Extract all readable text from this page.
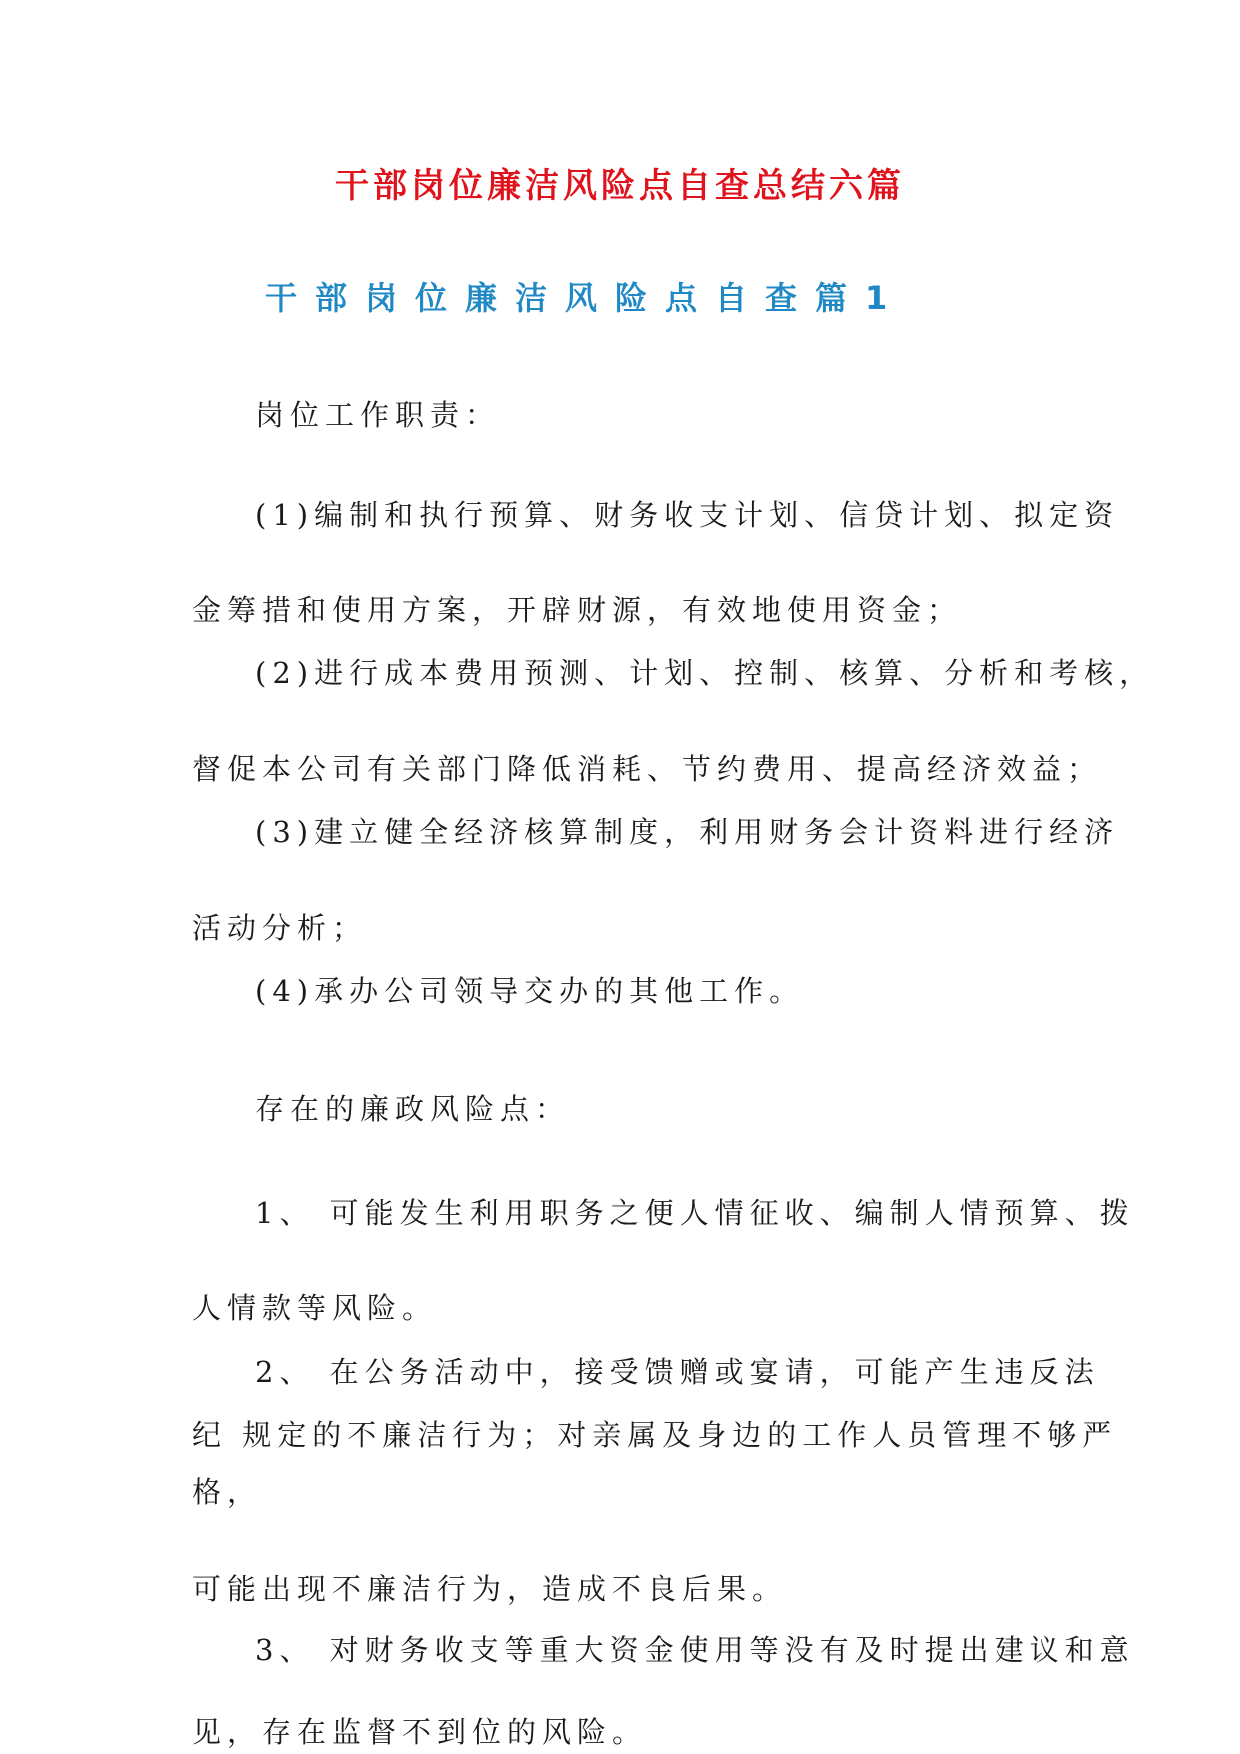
干部岗位廉洁风险点自查总结六篇
干部岗位廉洁风险点自查篇1

岗位工作职责：

(1)编制和执行预算、财务收支计划、信贷计划、拟定资

金筹措和使用方案，开辟财源，有效地使用资金；

(2)进行成本费用预测、计划、控制、核算、分析和考核，

督促本公司有关部门降低消耗、节约费用、提高经济效益；

(3)建立健全经济核算制度，利用财务会计资料进行经济

活动分析；

(4)承办公司领导交办的其他工作。

存在的廉政风险点：

1、 可能发生利用职务之便人情征收、编制人情预算、拨

人情款等风险。

2、 在公务活动中，接受馈赠或宴请，可能产生违反法

纪 规定的不廉洁行为；对亲属及身边的工作人员管理不够严

格，

可能出现不廉洁行为，造成不良后果。

3、 对财务收支等重大资金使用等没有及时提出建议和意

见，存在监督不到位的风险。
